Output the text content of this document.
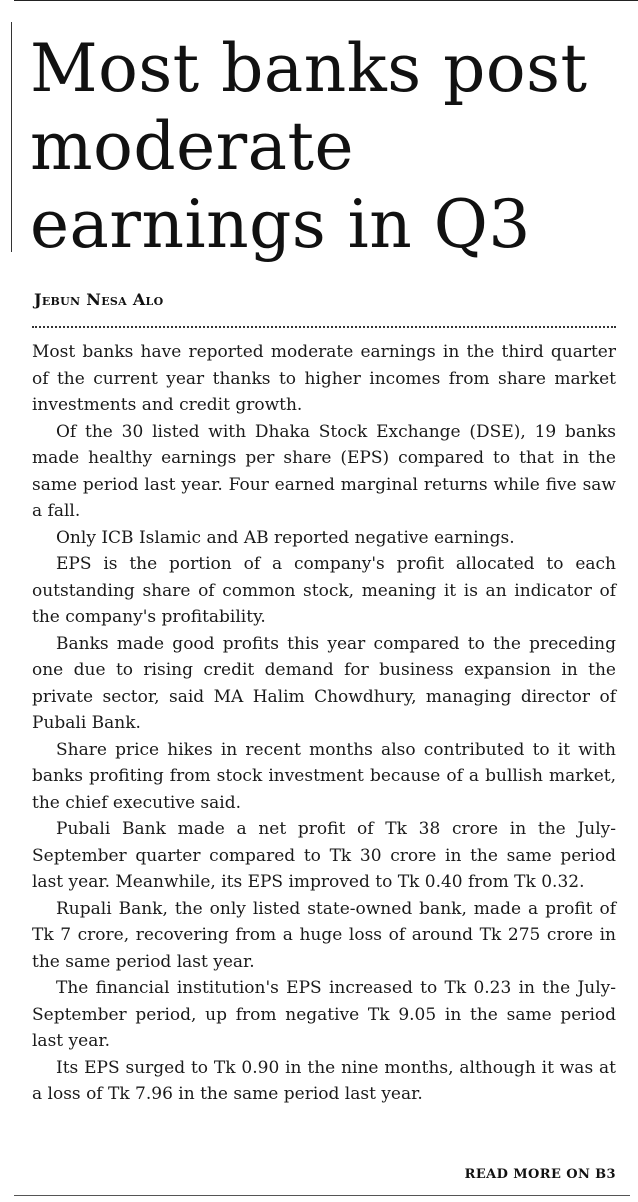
Most banks post moderate earnings in Q3
Jebun Nesa Alo

Most banks have reported moderate earnings in the third quarter of the current year thanks to higher incomes from share market investments and credit growth.

Of the 30 listed with Dhaka Stock Exchange (DSE), 19 banks made healthy earnings per share (EPS) compared to that in the same period last year. Four earned marginal returns while five saw a fall.

Only ICB Islamic and AB reported negative earnings.

EPS is the portion of a company's profit allocated to each outstanding share of common stock, meaning it is an indicator of the company's profitability.

Banks made good profits this year compared to the preceding one due to rising credit demand for business expansion in the private sector, said MA Halim Chowdhury, managing director of Pubali Bank.

Share price hikes in recent months also contributed to it with banks profiting from stock investment because of a bullish market, the chief executive said.

Pubali Bank made a net profit of Tk 38 crore in the July-September quarter compared to Tk 30 crore in the same period last year. Meanwhile, its EPS improved to Tk 0.40 from Tk 0.32.

Rupali Bank, the only listed state-owned bank, made a profit of Tk 7 crore, recovering from a huge loss of around Tk 275 crore in the same period last year.

The financial institution's EPS increased to Tk 0.23 in the July-September period, up from negative Tk 9.05 in the same period last year.

Its EPS surged to Tk 0.90 in the nine months, although it was at a loss of Tk 7.96 in the same period last year.

READ MORE ON B3
